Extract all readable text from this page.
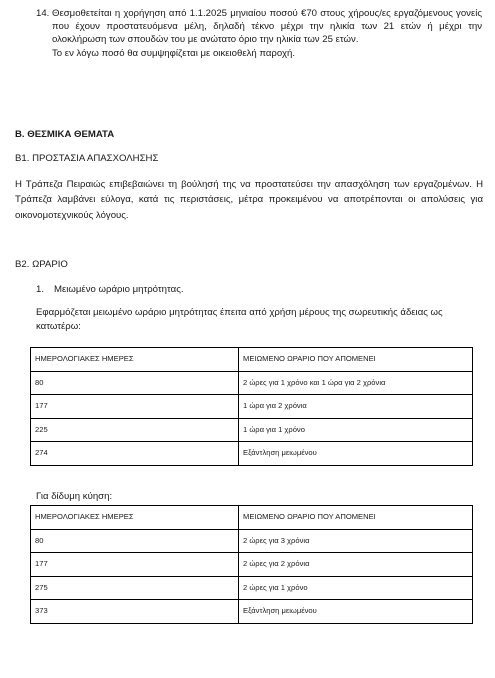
14. Θεσμοθετείται η χορήγηση από 1.1.2025 μηνιαίου ποσού €70 στους χήρους/ες εργαζόμενους γονείς που έχουν προστατευόμενα μέλη, δηλαδή τέκνο μέχρι την ηλικία των 21 ετών ή μέχρι την ολοκλήρωση των σπουδών του με ανώτατο όριο την ηλικία των 25 ετών.

Το εν λόγω ποσό θα συμψηφίζεται με οικειοθελή παροχή.

Β. ΘΕΣΜΙΚΑ ΘΕΜΑΤΑ
Β1. ΠΡΟΣΤΑΣΙΑ ΑΠΑΣΧΟΛΗΣΗΣ
Η Τράπεζα Πειραιώς επιβεβαιώνει τη βούλησή της να προστατεύσει την απασχόληση των εργαζομένων. Η Τράπεζα λαμβάνει εύλογα, κατά τις περιστάσεις, μέτρα προκειμένου να αποτρέπονται οι απολύσεις για οικονομοτεχνικούς λόγους.
Β2. ΩΡΑΡΙΟ
1. Μειωμένο ωράριο μητρότητας.
Εφαρμόζεται μειωμένο ωράριο μητρότητας έπειτα από χρήση μέρους της σωρευτικής άδειας ως κατωτέρω:
ΗΜΕΡΟΛΟΓΙΑΚΕΣ ΗΜΕΡΕΣ	ΜΕΙΩΜΕΝΟ ΩΡΑΡΙΟ ΠΟΥ ΑΠΟΜΕΝΕΙ
80	2 ώρες για 1 χρόνο και 1 ώρα για 2 χρόνια
177	1 ώρα για 2 χρόνια
225	1 ώρα για 1 χρόνο
274	Εξάντληση μειωμένου
Για δίδυμη κύηση:
ΗΜΕΡΟΛΟΓΙΑΚΕΣ ΗΜΕΡΕΣ	ΜΕΙΩΜΕΝΟ ΩΡΑΡΙΟ ΠΟΥ ΑΠΟΜΕΝΕΙ
80	2 ώρες για 3 χρόνια
177	2 ώρες για 2 χρόνια
275	2 ώρες για 1 χρόνο
373	Εξάντληση μειωμένου
